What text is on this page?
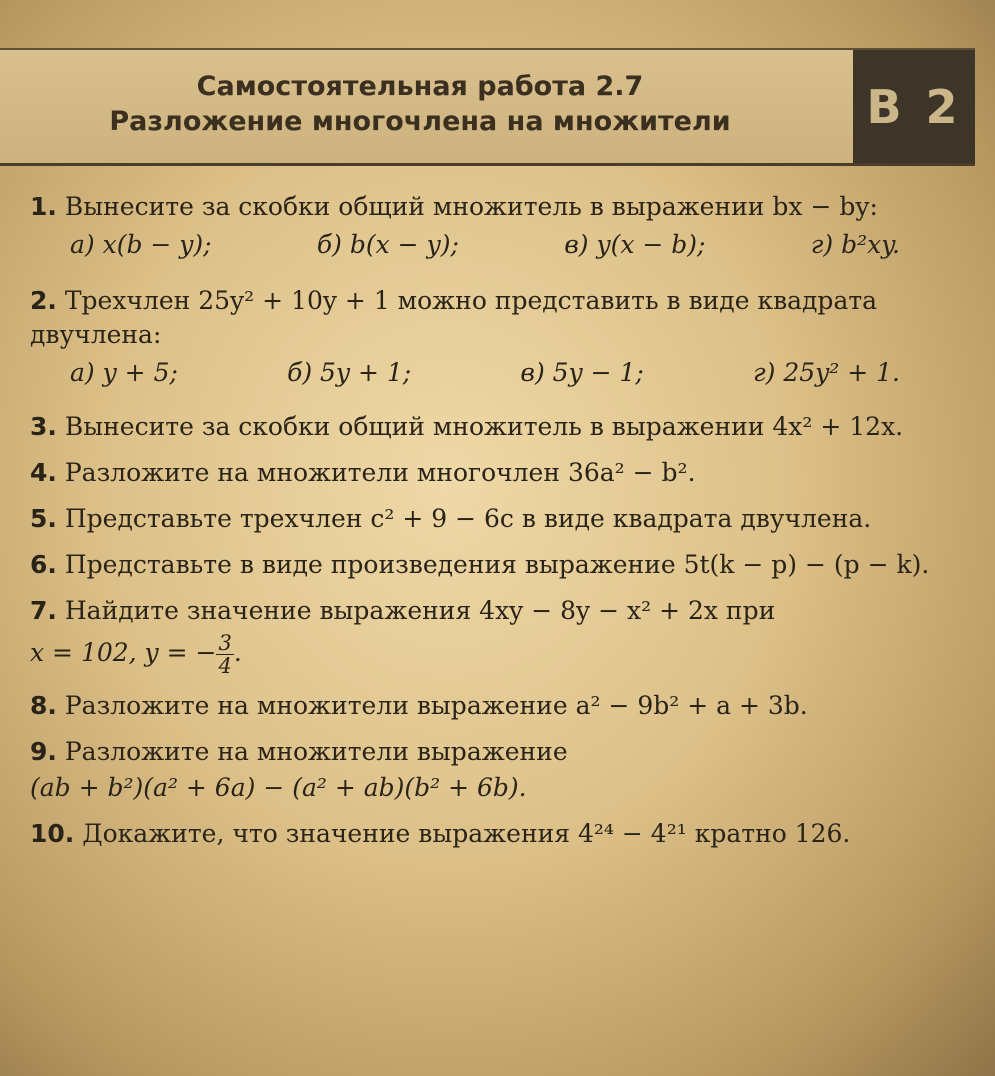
Самостоятельная работа 2.7
Разложение многочлена на множители	В 2
1. Вынесите за скобки общий множитель в выражении bx − by:
а) x(b − y);	б) b(x − y);	в) y(x − b);	г) b²xy.
2. Трехчлен 25y² + 10y + 1 можно представить в виде квадрата двучлена:
а) y + 5;	б) 5y + 1;	в) 5y − 1;	г) 25y² + 1.
3. Вынесите за скобки общий множитель в выражении 4x² + 12x.
4. Разложите на множители многочлен 36a² − b².
5. Представьте трехчлен c² + 9 − 6c в виде квадрата двучлена.
6. Представьте в виде произведения выражение 5t(k − p) − (p − k).
7. Найдите значение выражения 4xy − 8y − x² + 2x при
x = 102, y = − $\frac{3}{4}$ .
8. Разложите на множители выражение a² − 9b² + a + 3b.
9. Разложите на множители выражение
(ab + b²)(a² + 6a) − (a² + ab)(b² + 6b).
10. Докажите, что значение выражения 4²⁴ − 4²¹ кратно 126.
